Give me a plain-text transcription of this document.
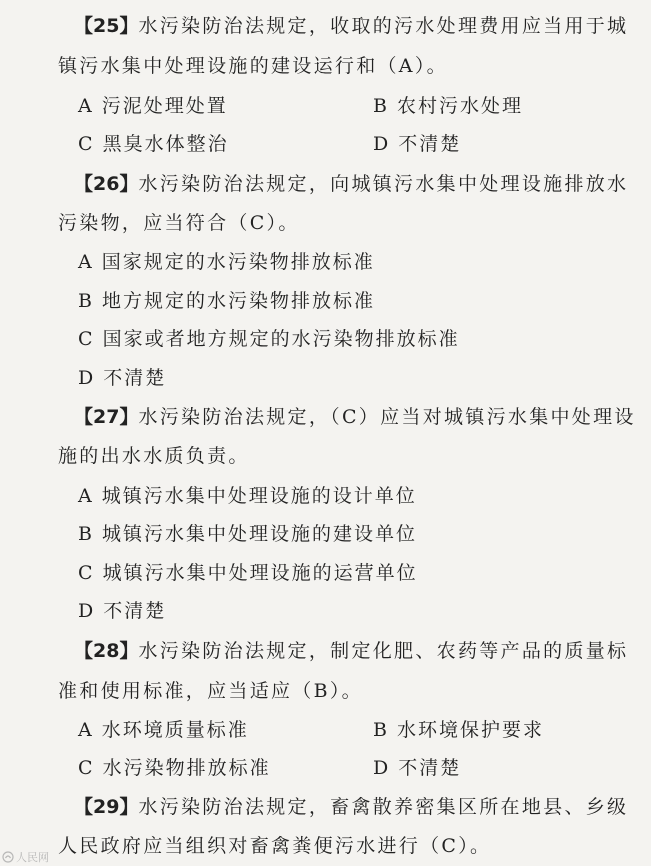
【25】水污染防治法规定，收取的污水处理费用应当用于城
镇污水集中处理设施的建设运行和（A）。
A 污泥处理处置	B 农村污水处理
C 黑臭水体整治	D 不清楚
【26】水污染防治法规定，向城镇污水集中处理设施排放水
污染物，应当符合（C）。
A 国家规定的水污染物排放标准
B 地方规定的水污染物排放标准
C 国家或者地方规定的水污染物排放标准
D 不清楚
【27】水污染防治法规定，（C）应当对城镇污水集中处理设
施的出水水质负责。
A 城镇污水集中处理设施的设计单位
B 城镇污水集中处理设施的建设单位
C 城镇污水集中处理设施的运营单位
D 不清楚
【28】水污染防治法规定，制定化肥、农药等产品的质量标
准和使用标准，应当适应（B）。
A 水环境质量标准	B 水环境保护要求
C 水污染物排放标准	D 不清楚
【29】水污染防治法规定，畜禽散养密集区所在地县、乡级
人民政府应当组织对畜禽粪便污水进行（C）。
人民网
